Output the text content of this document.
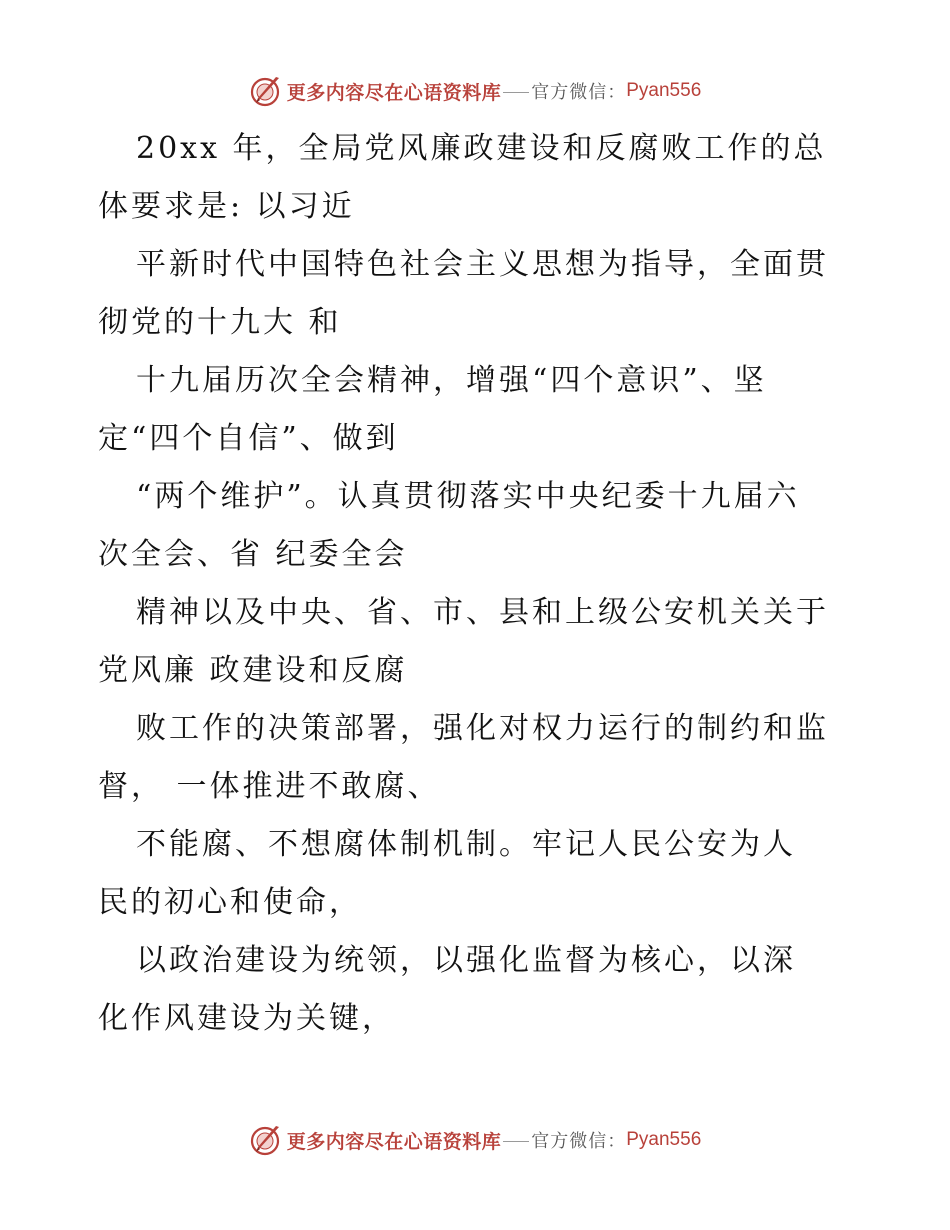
更多内容尽在心语资料库 官方微信： Pyan556
20xx 年，全局党风廉政建设和反腐败工作的总
体要求是: 以习近
平新时代中国特色社会主义思想为指导，全面贯
彻党的十九大 和
十九届历次全会精神，增强“四个意识”、坚
定“四个自信”、做到
“两个维护”。认真贯彻落实中央纪委十九届六
次全会、省 纪委全会
精神以及中央、省、市、县和上级公安机关关于
党风廉 政建设和反腐
败工作的决策部署，强化对权力运行的制约和监
督， 一体推进不敢腐、
不能腐、不想腐体制机制。牢记人民公安为人
民的初心和使命，
以政治建设为统领，以强化监督为核心，以深
化作风建设为关键，
更多内容尽在心语资料库 官方微信： Pyan556
